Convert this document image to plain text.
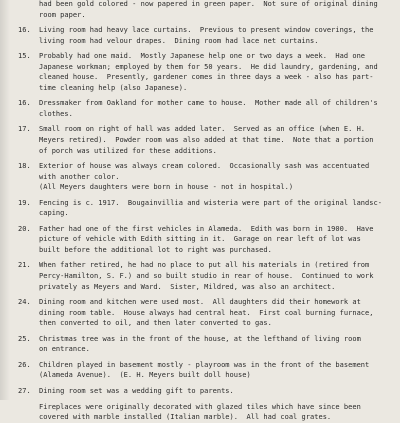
had been gold colored - now papered in green paper.  Not sure of original dining
room paper.
16. Living room had heavy lace curtains.  Previous to present window coverings, the
living room had velour drapes.  Dining room had lace net curtains.
15. Probably had one maid.  Mostly Japanese help one or two days a week.  Had one
Japanese workman; employed by them for 50 years.  He did laundry, gardening, and
cleaned house.  Presently, gardener comes in three days a week - also has part-
time cleaning help (also Japanese).
16. Dressmaker from Oakland for mother came to house.  Mother made all of children's
clothes.
17. Small room on right of hall was added later.  Served as an office (when E. H.
Meyers retired).  Powder room was also added at that time.  Note that a portion
of porch was utilized for these additions.
18. Exterior of house was always cream colored.  Occasionally sash was accentuated
with another color.
(All Meyers daughters were born in house - not in hospital.)
19. Fencing is c. 1917.  Bougainvillia and wisteria were part of the original landsc-
caping.
20. Father had one of the first vehicles in Alameda.  Edith was born in 1900.  Have
picture of vehicle with Edith sitting in it.  Garage on rear left of lot was
built before the additional lot to right was purchased.
21. When father retired, he had no place to put all his materials in (retired from
Percy-Hamilton, S. F.) and so built studio in rear of house.  Continued to work
privately as Meyers and Ward.  Sister, Mildred, was also an architect.
24. Dining room and kitchen were used most.  All daughters did their homework at
dining room table.  House always had central heat.  First coal burning furnace,
then converted to oil, and then later converted to gas.
25. Christmas tree was in the front of the house, at the lefthand of living room
on entrance.
26. Children played in basement mostly - playroom was in the front of the basement
(Alameda Avenue).  (E. H. Meyers built doll house)
27. Dining room set was a wedding gift to parents.
Fireplaces were originally decorated with glazed tiles which have since been
covered with marble installed (Italian marble).  All had coal grates.
